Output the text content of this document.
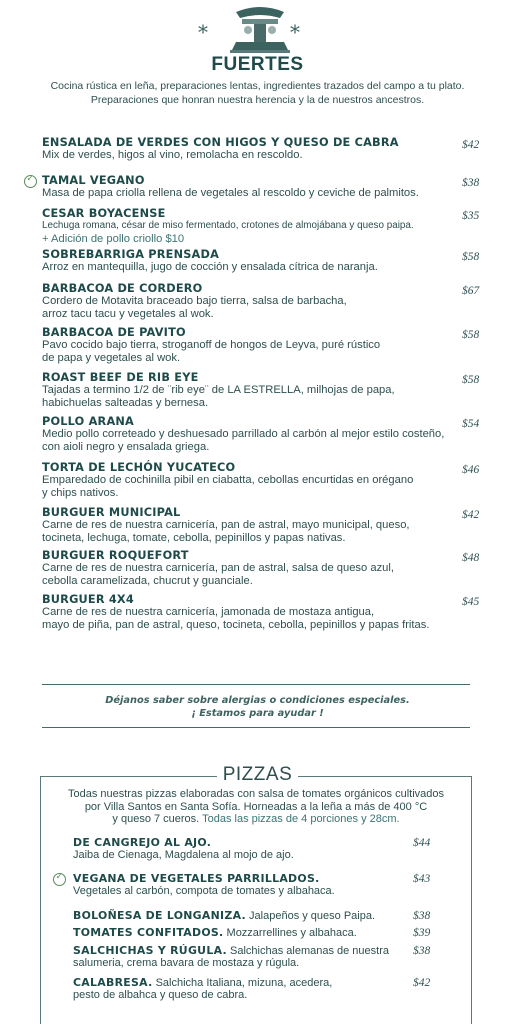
*	*
FUERTES
Cocina rústica en leña, preparaciones lentas, ingredientes trazados del campo a tu plato.
Preparaciones que honran nuestra herencia y la de nuestros ancestros.
ENSALADA DE VERDES CON HIGOS Y QUESO DE CABRA
Mix de verdes, higos al vino, remolacha en rescoldo.
$42
TAMAL VEGANO
Masa de papa criolla rellena de vegetales al rescoldo y ceviche de palmitos.
$38
✓
CESAR BOYACENSE
Lechuga romana, césar de miso fermentado, crotones de almojábana y queso paipa.
+ Adición de pollo criollo $10
$35
SOBREBARRIGA PRENSADA
Arroz en mantequilla, jugo de cocción y ensalada cítrica de naranja.
$58
BARBACOA DE CORDERO
Cordero de Motavita braceado bajo tierra, salsa de barbacha,
arroz tacu tacu y vegetales al wok.
$67
BARBACOA DE PAVITO
Pavo cocido bajo tierra, stroganoff de hongos de Leyva, puré rústico
de papa y vegetales al wok.
$58
ROAST BEEF DE RIB EYE
Tajadas a termino 1/2 de ¨rib eye¨ de LA ESTRELLA, milhojas de papa,
habichuelas salteadas y bernesa.
$58
POLLO ARANA
Medio pollo correteado y deshuesado parrillado al carbón al mejor estilo costeño,
con aioli negro y ensalada griega.
$54
TORTA DE LECHÓN YUCATECO
Emparedado de cochinilla pibil en ciabatta, cebollas encurtidas en orégano
y chips nativos.
$46
BURGUER MUNICIPAL
Carne de res de nuestra carnicería, pan de astral, mayo municipal, queso,
tocineta, lechuga, tomate, cebolla, pepinillos y papas nativas.
$42
BURGUER ROQUEFORT
Carne de res de nuestra carnicería, pan de astral, salsa de queso azul,
cebolla caramelizada, chucrut y guanciale.
$48
BURGUER 4X4
Carne de res de nuestra carnicería, jamonada de mostaza antigua,
mayo de piña, pan de astral, queso, tocineta, cebolla, pepinillos y papas fritas.
$45
Déjanos saber sobre alergias o condiciones especiales.
¡ Estamos para ayudar !
PIZZAS
Todas nuestras pizzas elaboradas con salsa de tomates orgánicos cultivados
por Villa Santos en Santa Sofía. Horneadas a la leña a más de 400 °C
y queso 7 cueros. Todas las pizzas de 4 porciones y 28cm.
DE CANGREJO AL AJO.
Jaiba de Cienaga, Magdalena al mojo de ajo.
$44
VEGANA DE VEGETALES PARRILLADOS.
Vegetales al carbón, compota de tomates y albahaca.
$43
✓
BOLOÑESA DE LONGANIZA. Jalapeños y queso Paipa.	$38
TOMATES CONFITADOS. Mozzarrellines y albahaca.	$39
SALCHICHAS Y RÚGULA. Salchichas alemanas de nuestra
salumeria, crema bavara de mostaza y rúgula.
$38
CALABRESA. Salchicha Italiana, mizuna, acedera,
pesto de albahca y queso de cabra.
$42
